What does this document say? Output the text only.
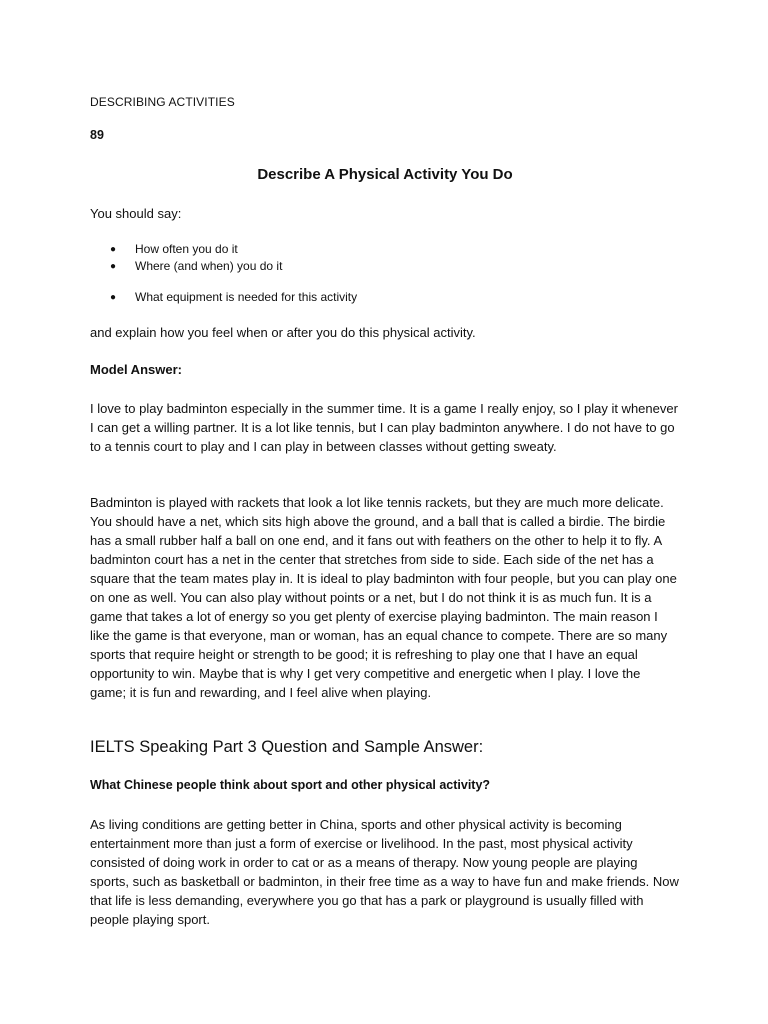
DESCRIBING ACTIVITIES
89
Describe A Physical Activity You Do
You should say:
● How often you do it
● Where (and when) you do it
● What equipment is needed for this activity
and explain how you feel when or after you do this physical activity.
Model Answer:

I love to play badminton especially in the summer time. It is a game I really enjoy, so I play it whenever I can get a willing partner. It is a lot like tennis, but I can play badminton anywhere. I do not have to go to a tennis court to play and I can play in between classes without getting sweaty.

Badminton is played with rackets that look a lot like tennis rackets, but they are much more delicate. You should have a net, which sits high above the ground, and a ball that is called a birdie. The birdie has a small rubber half a ball on one end, and it fans out with feathers on the other to help it to fly. A badminton court has a net in the center that stretches from side to side. Each side of the net has a square that the team mates play in. It is ideal to play badminton with four people, but you can play one on one as well. You can also play without points or a net, but I do not think it is as much fun. It is a game that takes a lot of energy so you get plenty of exercise playing badminton. The main reason I like the game is that everyone, man or woman, has an equal chance to compete. There are so many sports that require height or strength to be good; it is refreshing to play one that I have an equal opportunity to win. Maybe that is why I get very competitive and energetic when I play. I love the game; it is fun and rewarding, and I feel alive when playing.

IELTS Speaking Part 3 Question and Sample Answer:
What Chinese people think about sport and other physical activity?

As living conditions are getting better in China, sports and other physical activity is becoming entertainment more than just a form of exercise or livelihood. In the past, most physical activity consisted of doing work in order to cat or as a means of therapy. Now young people are playing sports, such as basketball or badminton, in their free time as a way to have fun and make friends. Now that life is less demanding, everywhere you go that has a park or playground is usually filled with people playing sport.
